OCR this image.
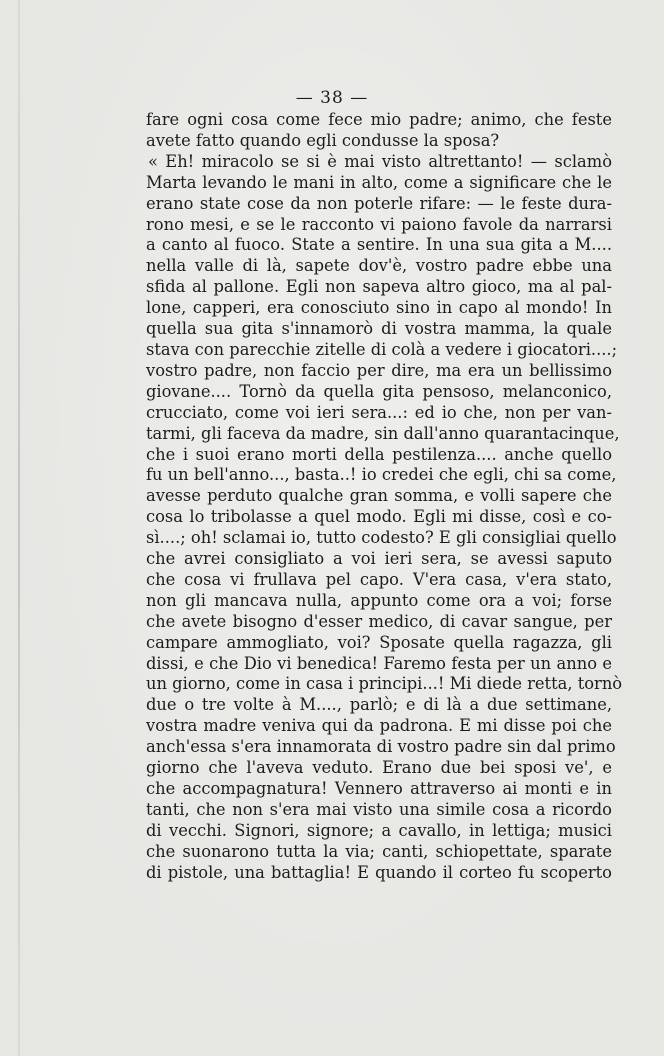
— 38 —
fare ogni cosa come fece mio padre; animo, che feste
avete fatto quando egli condusse la sposa?
« Eh! miracolo se si è mai visto altrettanto! — sclamò
Marta levando le mani in alto, come a significare che le
erano state cose da non poterle rifare: — le feste dura-
rono mesi, e se le racconto vi paiono favole da narrarsi
a canto al fuoco. State a sentire. In una sua gita a M....
nella valle di là, sapete dov'è, vostro padre ebbe una
sfida al pallone. Egli non sapeva altro gioco, ma al pal-
lone, capperi, era conosciuto sino in capo al mondo! In
quella sua gita s'innamorò di vostra mamma, la quale
stava con parecchie zitelle di colà a vedere i giocatori....;
vostro padre, non faccio per dire, ma era un bellissimo
giovane.... Tornò da quella gita pensoso, melanconico,
crucciato, come voi ieri sera...: ed io che, non per van-
tarmi, gli faceva da madre, sin dall'anno quarantacinque,
che i suoi erano morti della pestilenza.... anche quello
fu un bell'anno..., basta..! io credei che egli, chi sa come,
avesse perduto qualche gran somma, e volli sapere che
cosa lo tribolasse a quel modo. Egli mi disse, così e co-
sì....; oh! sclamai io, tutto codesto? E gli consigliai quello
che avrei consigliato a voi ieri sera, se avessi saputo
che cosa vi frullava pel capo. V'era casa, v'era stato,
non gli mancava nulla, appunto come ora a voi; forse
che avete bisogno d'esser medico, di cavar sangue, per
campare ammogliato, voi? Sposate quella ragazza, gli
dissi, e che Dio vi benedica! Faremo festa per un anno e
un giorno, come in casa i principi...! Mi diede retta, tornò
due o tre volte à M...., parlò; e di là a due settimane,
vostra madre veniva qui da padrona. E mi disse poi che
anch'essa s'era innamorata di vostro padre sin dal primo
giorno che l'aveva veduto. Erano due bei sposi ve', e
che accompagnatura! Vennero attraverso ai monti e in
tanti, che non s'era mai visto una simile cosa a ricordo
di vecchi. Signori, signore; a cavallo, in lettiga; musici
che suonarono tutta la via; canti, schiopettate, sparate
di pistole, una battaglia! E quando il corteo fu scoperto
